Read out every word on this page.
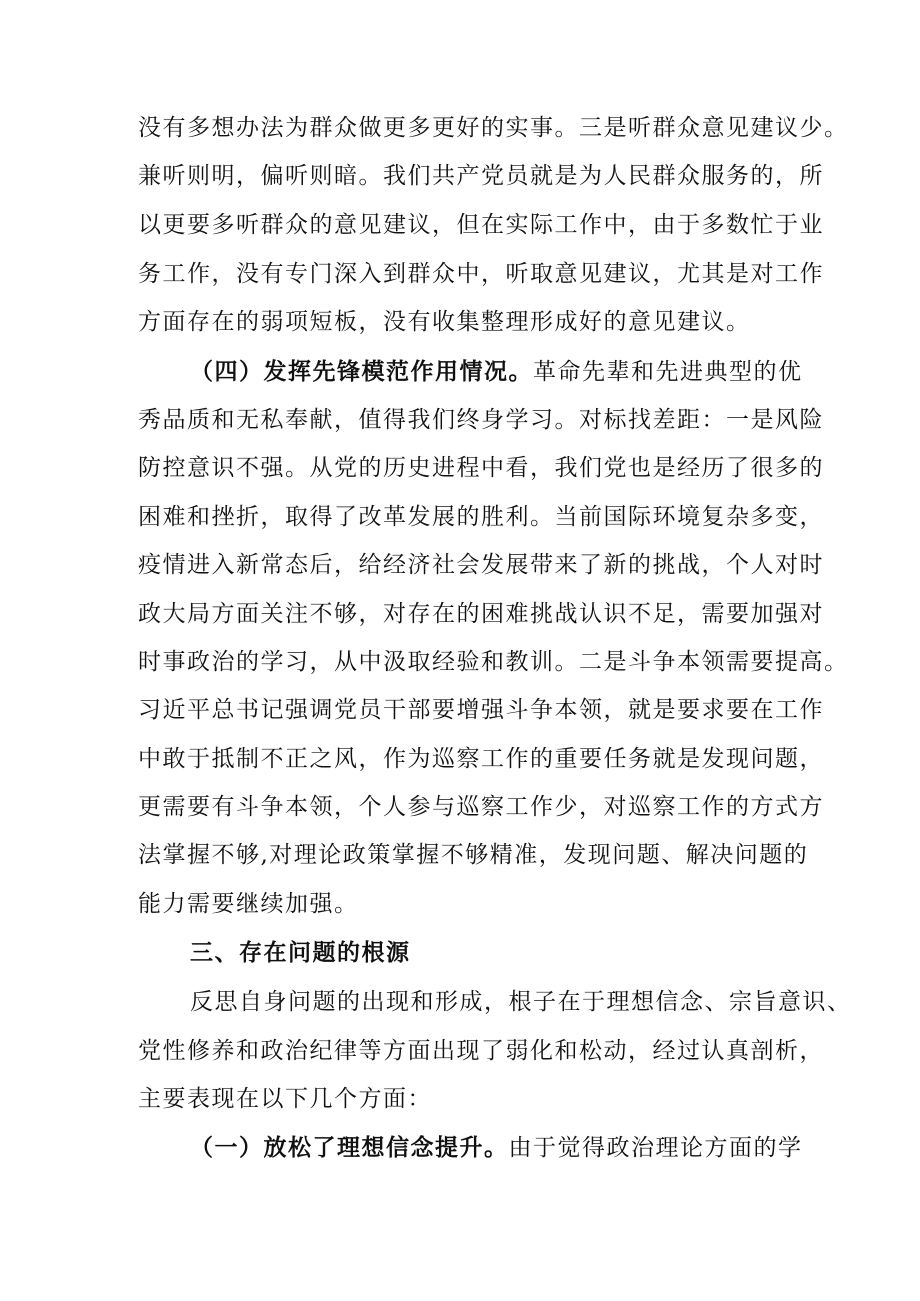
没有多想办法为群众做更多更好的实事。三是听群众意见建议少。
兼听则明，偏听则暗。我们共产党员就是为人民群众服务的，所
以更要多听群众的意见建议，但在实际工作中，由于多数忙于业
务工作，没有专门深入到群众中，听取意见建议，尤其是对工作
方面存在的弱项短板，没有收集整理形成好的意见建议。
（四）发挥先锋模范作用情况。革命先辈和先进典型的优
秀品质和无私奉献，值得我们终身学习。对标找差距：一是风险
防控意识不强。从党的历史进程中看，我们党也是经历了很多的
困难和挫折，取得了改革发展的胜利。当前国际环境复杂多变，
疫情进入新常态后，给经济社会发展带来了新的挑战，个人对时
政大局方面关注不够，对存在的困难挑战认识不足，需要加强对
时事政治的学习，从中汲取经验和教训。二是斗争本领需要提高。
习近平总书记强调党员干部要增强斗争本领，就是要求要在工作
中敢于抵制不正之风，作为巡察工作的重要任务就是发现问题，
更需要有斗争本领，个人参与巡察工作少，对巡察工作的方式方
法掌握不够,对理论政策掌握不够精准，发现问题、解决问题的
能力需要继续加强。
三、存在问题的根源
反思自身问题的出现和形成，根子在于理想信念、宗旨意识、
党性修养和政治纪律等方面出现了弱化和松动，经过认真剖析，
主要表现在以下几个方面：
（一）放松了理想信念提升。由于觉得政治理论方面的学
